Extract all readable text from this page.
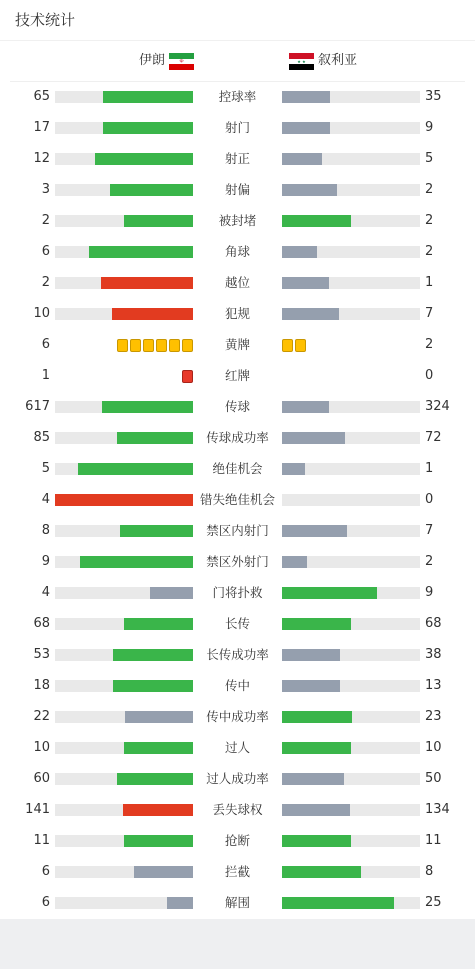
技术统计
伊朗	☫	★ ★ 叙利亚
65	控球率	35
17	射门	9
12	射正	5
3	射偏	2
2	被封堵	2
6	角球	2
2	越位	1
10	犯规	7
6	黄牌	2
1	红牌	0
617	传球	324
85	传球成功率	72
5	绝佳机会	1
4	错失绝佳机会	0
8	禁区内射门	7
9	禁区外射门	2
4	门将扑救	9
68	长传	68
53	长传成功率	38
18	传中	13
22	传中成功率	23
10	过人	10
60	过人成功率	50
141	丢失球权	134
11	抢断	11
6	拦截	8
6	解围	25
